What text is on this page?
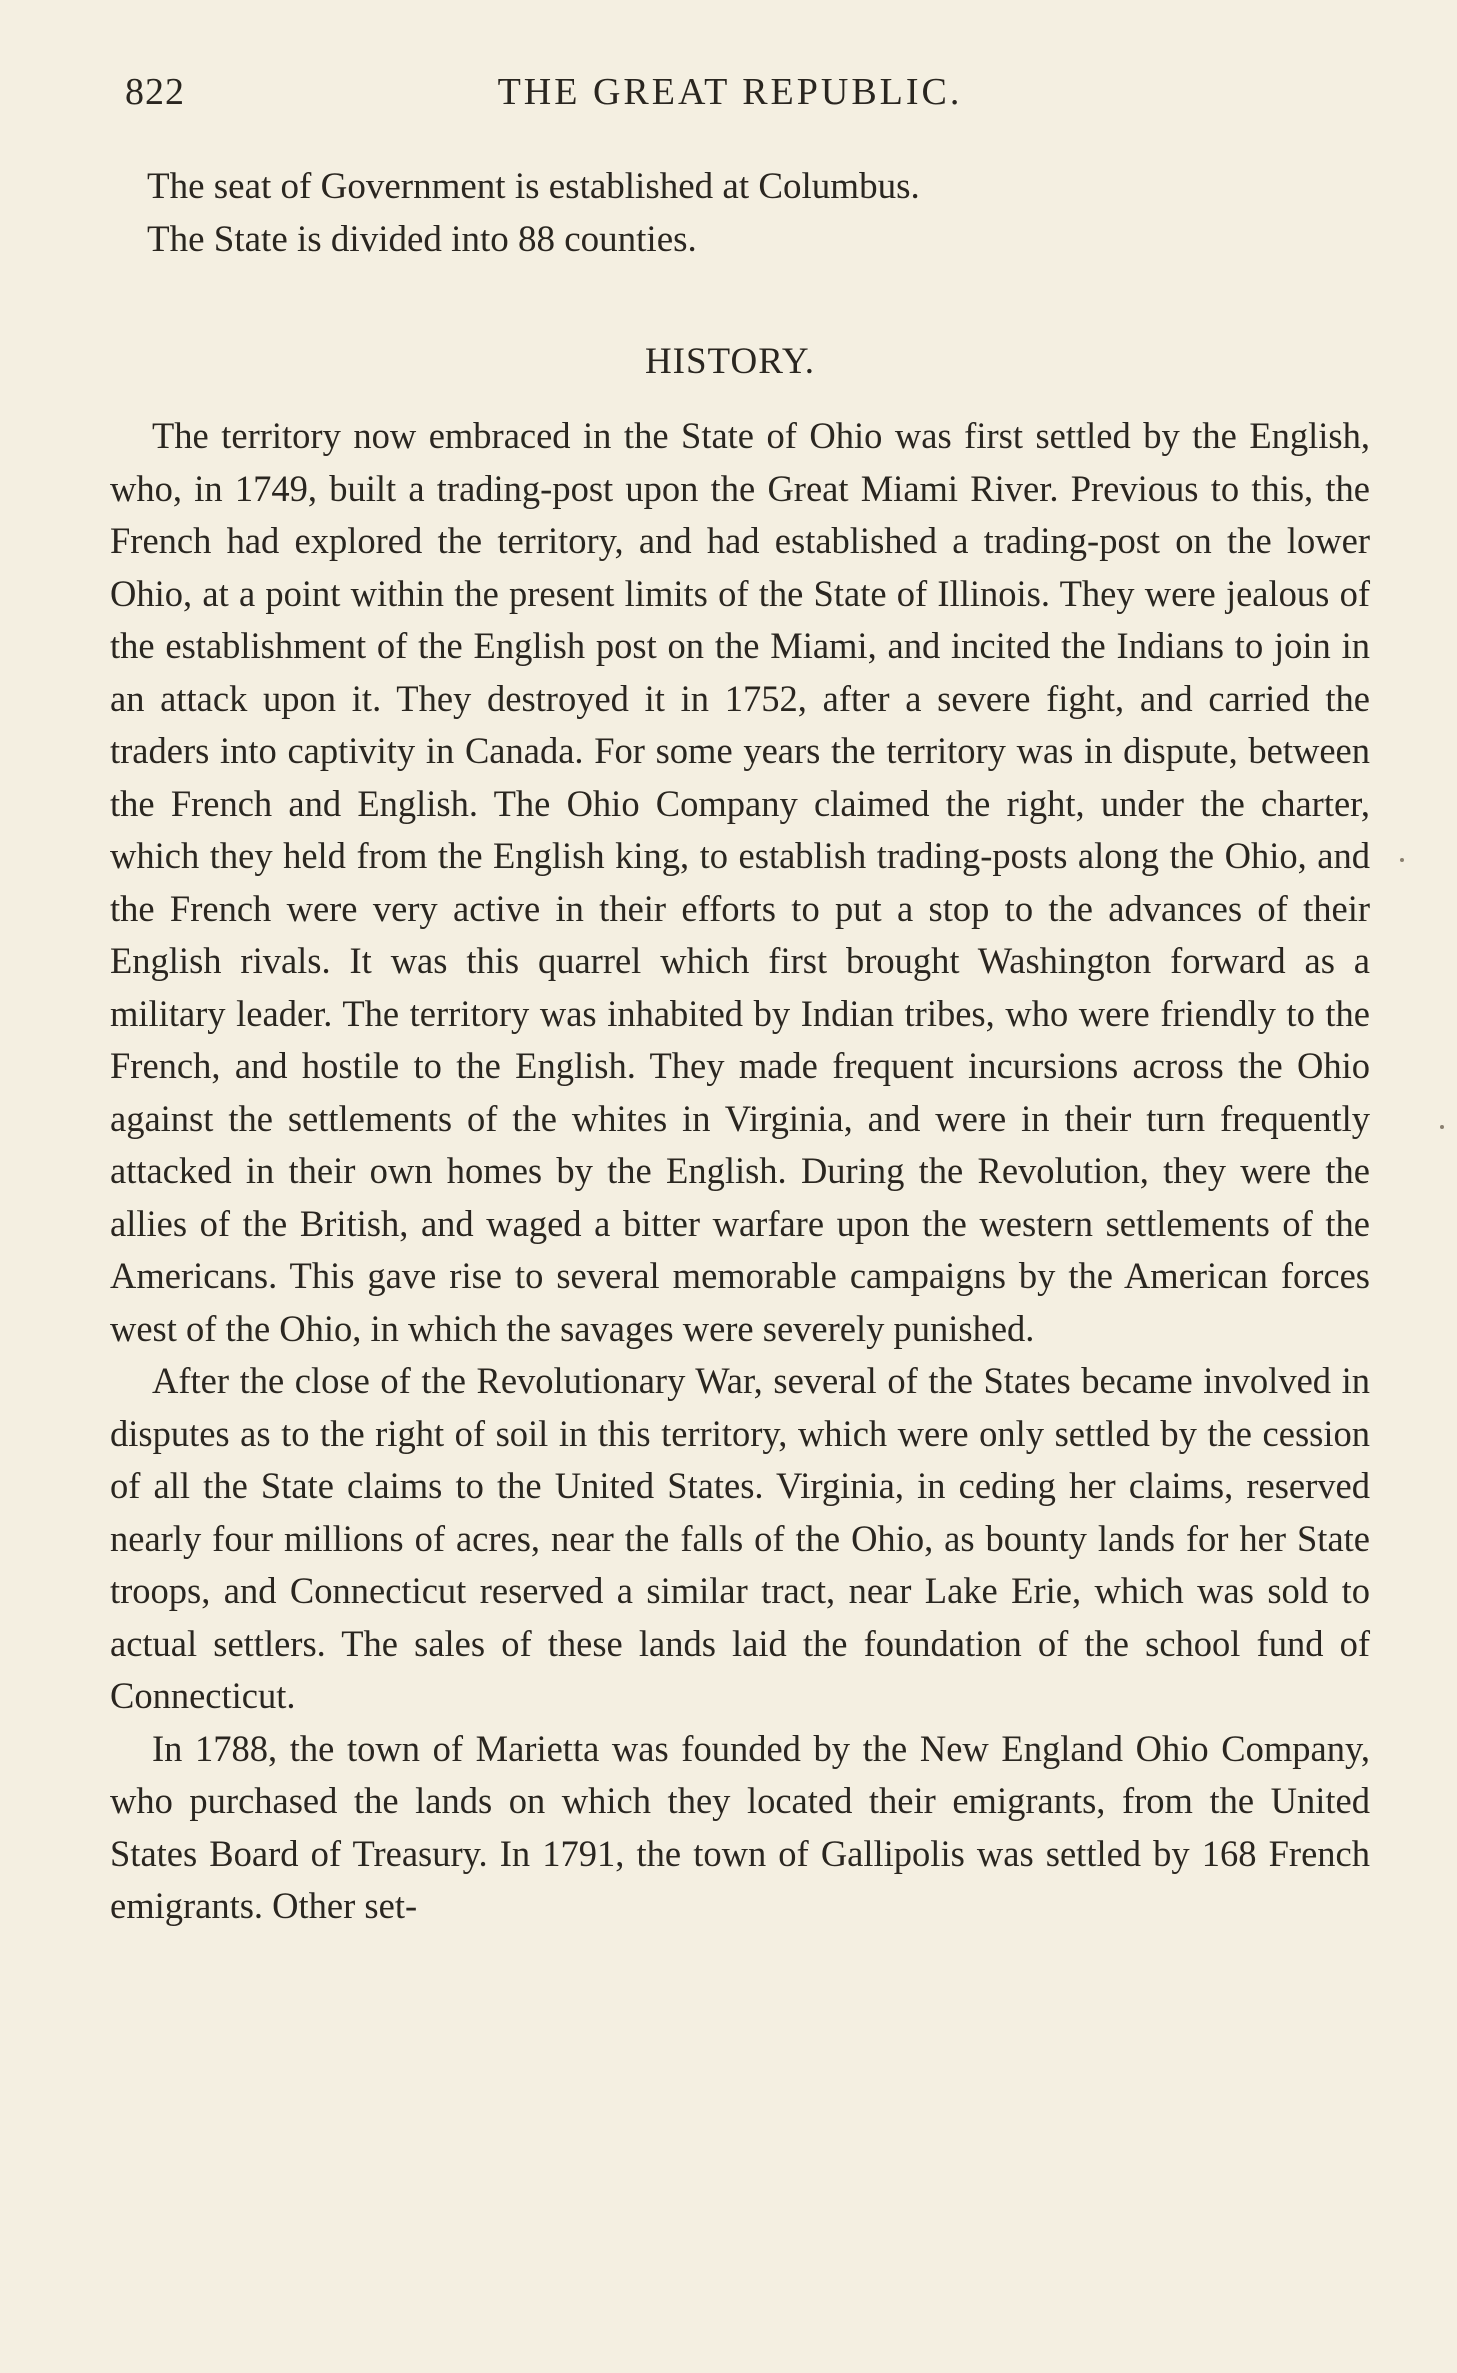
822	THE GREAT REPUBLIC.

The seat of Government is established at Columbus.

The State is divided into 88 counties.

HISTORY.

The territory now embraced in the State of Ohio was first settled by the English, who, in 1749, built a trading-post upon the Great Miami River. Previous to this, the French had explored the territory, and had established a trading-post on the lower Ohio, at a point within the present limits of the State of Illinois. They were jealous of the establishment of the English post on the Miami, and incited the Indians to join in an attack upon it. They destroyed it in 1752, after a severe fight, and carried the traders into captivity in Canada. For some years the territory was in dispute, between the French and English. The Ohio Company claimed the right, under the charter, which they held from the English king, to establish trading-posts along the Ohio, and the French were very active in their efforts to put a stop to the advances of their English rivals. It was this quarrel which first brought Washington forward as a military leader. The territory was inhabited by Indian tribes, who were friendly to the French, and hostile to the English. They made frequent incursions across the Ohio against the settlements of the whites in Virginia, and were in their turn frequently attacked in their own homes by the English. During the Revolution, they were the allies of the British, and waged a bitter warfare upon the western settlements of the Americans. This gave rise to several memorable campaigns by the American forces west of the Ohio, in which the savages were severely punished.

After the close of the Revolutionary War, several of the States became involved in disputes as to the right of soil in this territory, which were only settled by the cession of all the State claims to the United States. Virginia, in ceding her claims, reserved nearly four millions of acres, near the falls of the Ohio, as bounty lands for her State troops, and Connecticut reserved a similar tract, near Lake Erie, which was sold to actual settlers. The sales of these lands laid the foundation of the school fund of Connecticut.

In 1788, the town of Marietta was founded by the New England Ohio Company, who purchased the lands on which they located their emigrants, from the United States Board of Treasury. In 1791, the town of Gallipolis was settled by 168 French emigrants. Other set-
